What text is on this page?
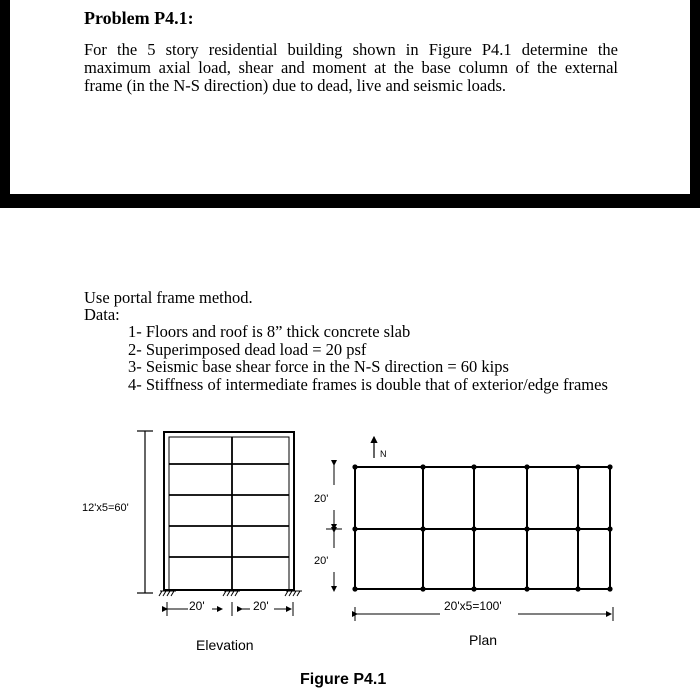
Problem P4.1:
For the 5 story residential building shown in Figure P4.1 determine the maximum axial load, shear and moment at the base column of the external frame (in the N-S direction) due to dead, live and seismic loads.
Use portal frame method.
Data:
1- Floors and roof is 8” thick concrete slab
2- Superimposed dead load = 20 psf
3- Seismic base shear force in the N-S direction = 60 kips
4- Stiffness of intermediate frames is double that of exterior/edge frames
12'x5=60'
20'	20'
Elevation
N
20'
20'
20'x5=100'
Plan
Figure P4.1
